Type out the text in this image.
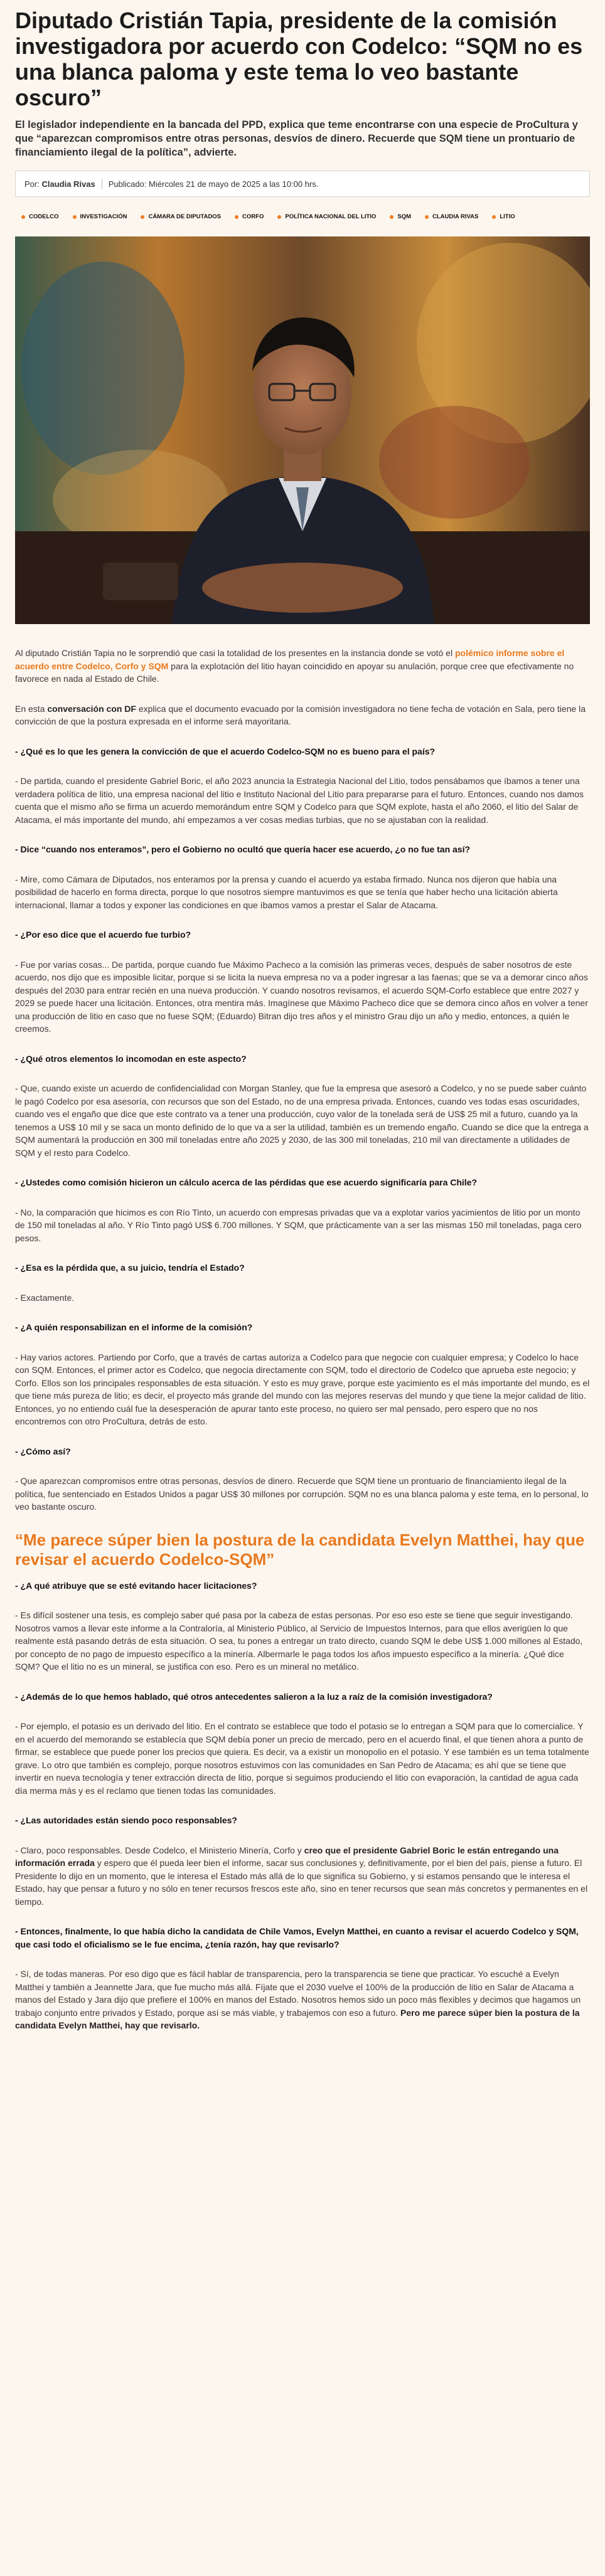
Diputado Cristián Tapia, presidente de la comisión investigadora por acuerdo con Codelco: “SQM no es una blanca paloma y este tema lo veo bastante oscuro”

El legislador independiente en la bancada del PPD, explica que teme encontrarse con una especie de ProCultura y que “aparezcan compromisos entre otras personas, desvíos de dinero. Recuerde que SQM tiene un prontuario de financiamiento ilegal de la política”, advierte.

Por: Claudia Rivas Publicado: Miércoles 21 de mayo de 2025 a las 10:00 hrs.
CODELCO	INVESTIGACIÓN	CÁMARA DE DIPUTADOS	CORFO	POLÍTICA NACIONAL DEL LITIO	SQM	CLAUDIA RIVAS	LITIO

Al diputado Cristián Tapia no le sorprendió que casi la totalidad de los presentes en la instancia donde se votó el polémico informe sobre el acuerdo entre Codelco, Corfo y SQM para la explotación del litio hayan coincidido en apoyar su anulación, porque cree que efectivamente no favorece en nada al Estado de Chile.

En esta conversación con DF explica que el documento evacuado por la comisión investigadora no tiene fecha de votación en Sala, pero tiene la convicción de que la postura expresada en el informe será mayoritaria.

- ¿Qué es lo que les genera la convicción de que el acuerdo Codelco-SQM no es bueno para el país?

- De partida, cuando el presidente Gabriel Boric, el año 2023 anuncia la Estrategia Nacional del Litio, todos pensábamos que íbamos a tener una verdadera política de litio, una empresa nacional del litio e Instituto Nacional del Litio para prepararse para el futuro. Entonces, cuando nos damos cuenta que el mismo año se firma un acuerdo memorándum entre SQM y Codelco para que SQM explote, hasta el año 2060, el litio del Salar de Atacama, el más importante del mundo, ahí empezamos a ver cosas medias turbias, que no se ajustaban con la realidad.

- Dice “cuando nos enteramos”, pero el Gobierno no ocultó que quería hacer ese acuerdo, ¿o no fue tan así?

- Mire, como Cámara de Diputados, nos enteramos por la prensa y cuando el acuerdo ya estaba firmado. Nunca nos dijeron que había una posibilidad de hacerlo en forma directa, porque lo que nosotros siempre mantuvimos es que se tenía que haber hecho una licitación abierta internacional, llamar a todos y exponer las condiciones en que íbamos vamos a prestar el Salar de Atacama.

- ¿Por eso dice que el acuerdo fue turbio?

- Fue por varias cosas... De partida, porque cuando fue Máximo Pacheco a la comisión las primeras veces, después de saber nosotros de este acuerdo, nos dijo que es imposible licitar, porque si se licita la nueva empresa no va a poder ingresar a las faenas; que se va a demorar cinco años después del 2030 para entrar recién en una nueva producción. Y cuando nosotros revisamos, el acuerdo SQM-Corfo establece que entre 2027 y 2029 se puede hacer una licitación. Entonces, otra mentira más. Imagínese que Máximo Pacheco dice que se demora cinco años en volver a tener una producción de litio en caso que no fuese SQM; (Eduardo) Bitran dijo tres años y el ministro Grau dijo un año y medio, entonces, a quién le creemos.

- ¿Qué otros elementos lo incomodan en este aspecto?

- Que, cuando existe un acuerdo de confidencialidad con Morgan Stanley, que fue la empresa que asesoró a Codelco, y no se puede saber cuánto le pagó Codelco por esa asesoría, con recursos que son del Estado, no de una empresa privada. Entonces, cuando ves todas esas oscuridades, cuando ves el engaño que dice que este contrato va a tener una producción, cuyo valor de la tonelada será de US$ 25 mil a futuro, cuando ya la tenemos a US$ 10 mil y se saca un monto definido de lo que va a ser la utilidad, también es un tremendo engaño. Cuando se dice que la entrega a SQM aumentará la producción en 300 mil toneladas entre año 2025 y 2030, de las 300 mil toneladas, 210 mil van directamente a utilidades de SQM y el resto para Codelco.

- ¿Ustedes como comisión hicieron un cálculo acerca de las pérdidas que ese acuerdo significaría para Chile?

- No, la comparación que hicimos es con Río Tinto, un acuerdo con empresas privadas que va a explotar varios yacimientos de litio por un monto de 150 mil toneladas al año. Y Río Tinto pagó US$ 6.700 millones. Y SQM, que prácticamente van a ser las mismas 150 mil toneladas, paga cero pesos.

- ¿Esa es la pérdida que, a su juicio, tendría el Estado?

- Exactamente.

- ¿A quién responsabilizan en el informe de la comisión?

- Hay varios actores. Partiendo por Corfo, que a través de cartas autoriza a Codelco para que negocie con cualquier empresa; y Codelco lo hace con SQM. Entonces, el primer actor es Codelco, que negocia directamente con SQM, todo el directorio de Codelco que aprueba este negocio; y Corfo. Ellos son los principales responsables de esta situación. Y esto es muy grave, porque este yacimiento es el más importante del mundo, es el que tiene más pureza de litio; es decir, el proyecto más grande del mundo con las mejores reservas del mundo y que tiene la mejor calidad de litio. Entonces, yo no entiendo cuál fue la desesperación de apurar tanto este proceso, no quiero ser mal pensado, pero espero que no nos encontremos con otro ProCultura, detrás de esto.

- ¿Cómo así?

- Que aparezcan compromisos entre otras personas, desvíos de dinero. Recuerde que SQM tiene un prontuario de financiamiento ilegal de la política, fue sentenciado en Estados Unidos a pagar US$ 30 millones por corrupción. SQM no es una blanca paloma y este tema, en lo personal, lo veo bastante oscuro.

“Me parece súper bien la postura de la candidata Evelyn Matthei, hay que revisar el acuerdo Codelco-SQM”

- ¿A qué atribuye que se esté evitando hacer licitaciones?

- Es difícil sostener una tesis, es complejo saber qué pasa por la cabeza de estas personas. Por eso eso este se tiene que seguir investigando. Nosotros vamos a llevar este informe a la Contraloría, al Ministerio Público, al Servicio de Impuestos Internos, para que ellos averigüen lo que realmente está pasando detrás de esta situación. O sea, tu pones a entregar un trato directo, cuando SQM le debe US$ 1.000 millones al Estado, por concepto de no pago de impuesto específico a la minería. Albermarle le paga todos los años impuesto específico a la minería. ¿Qué dice SQM? Que el litio no es un mineral, se justifica con eso. Pero es un mineral no metálico.

- ¿Además de lo que hemos hablado, qué otros antecedentes salieron a la luz a raíz de la comisión investigadora?

- Por ejemplo, el potasio es un derivado del litio. En el contrato se establece que todo el potasio se lo entregan a SQM para que lo comercialice. Y en el acuerdo del memorando se establecía que SQM debía poner un precio de mercado, pero en el acuerdo final, el que tienen ahora a punto de firmar, se establece que puede poner los precios que quiera. Es decir, va a existir un monopolio en el potasio. Y ese también es un tema totalmente grave. Lo otro que también es complejo, porque nosotros estuvimos con las comunidades en San Pedro de Atacama; es ahí que se tiene que invertir en nueva tecnología y tener extracción directa de litio, porque si seguimos produciendo el litio con evaporación, la cantidad de agua cada día merma más y es el reclamo que tienen todas las comunidades.

- ¿Las autoridades están siendo poco responsables?

- Claro, poco responsables. Desde Codelco, el Ministerio Minería, Corfo y creo que el presidente Gabriel Boric le están entregando una información errada y espero que él pueda leer bien el informe, sacar sus conclusiones y, definitivamente, por el bien del país, piense a futuro. El Presidente lo dijo en un momento, que le interesa el Estado más allá de lo que significa su Gobierno, y si estamos pensando que le interesa el Estado, hay que pensar a futuro y no sólo en tener recursos frescos este año, sino en tener recursos que sean más concretos y permanentes en el tiempo.

- Entonces, finalmente, lo que había dicho la candidata de Chile Vamos, Evelyn Matthei, en cuanto a revisar el acuerdo Codelco y SQM, que casi todo el oficialismo se le fue encima, ¿tenía razón, hay que revisarlo?

- Sí, de todas maneras. Por eso digo que es fácil hablar de transparencia, pero la transparencia se tiene que practicar. Yo escuché a Evelyn Matthei y también a Jeannette Jara, que fue mucho más allá. Fíjate que el 2030 vuelve el 100% de la producción de litio en Salar de Atacama a manos del Estado y Jara dijo que prefiere el 100% en manos del Estado. Nosotros hemos sido un poco más flexibles y decimos que hagamos un trabajo conjunto entre privados y Estado, porque así se más viable, y trabajemos con eso a futuro. Pero me parece súper bien la postura de la candidata Evelyn Matthei, hay que revisarlo.
